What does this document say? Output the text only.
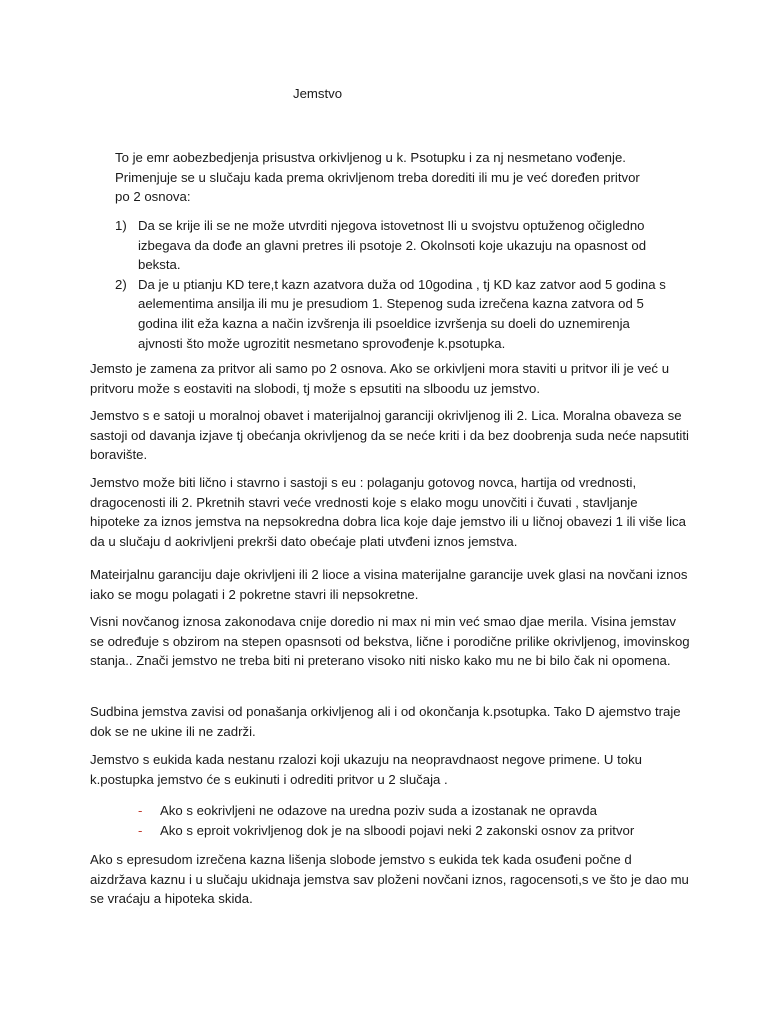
Jemstvo

To je emr aobezbedjenja prisustva orkivljenog u k. Psotupku i za nj nesmetano vođenje. Primenjuje se u slučaju kada prema okrivljenom treba dorediti ili mu je već doređen pritvor po 2 osnova:

1) Da se krije ili se ne može utvrditi njegova istovetnost Ili u svojstvu optuženog očigledno izbegava da dođe an glavni pretres ili psotoje 2. Okolnsoti koje ukazuju na opasnost od beksta.
2) Da je u ptianju KD tere,t kazn azatvora duža od 10godina , tj KD kaz zatvor aod 5 godina s aelementima ansilja ili mu je presudiom 1. Stepenog suda izrečena kazna zatvora od 5 godina ilit eža kazna a način izvšrenja ili psoeldice izvršenja su doeli do uznemirenja ajvnosti što može ugrozitit nesmetano sprovođenje k.psotupka.

Jemsto je zamena za pritvor ali samo po 2 osnova. Ako se orkivljeni mora staviti u pritvor ili je već u pritvoru može s eostaviti na slobodi, tj može s epsutiti na slboodu uz jemstvo.

Jemstvo s e satoji u moralnoj obavet i materijalnoj garanciji okrivljenog ili 2. Lica. Moralna obaveza se sastoji od davanja izjave tj obećanja okrivljenog da se neće kriti i da bez doobrenja suda neće napsutiti boravište.

Jemstvo može biti lično i stavrno i sastoji s eu : polaganju gotovog novca, hartija od vrednosti, dragocenosti ili 2. Pkretnih stavri veće vrednosti koje s elako mogu unovčiti i čuvati , stavljanje hipoteke za iznos jemstva na nepsokredna dobra lica koje daje jemstvo ili u ličnoj obavezi 1 ili više lica da u slučaju d aokrivljeni prekrši dato obećaje plati utvđeni iznos jemstva.

Mateirjalnu garanciju daje okrivljeni ili 2 lioce a visina materijalne garancije uvek glasi na novčani iznos iako se mogu polagati i 2 pokretne stavri ili nepsokretne.

Visni novčanog iznosa zakonodava cnije doredio ni max ni min već smao djae merila. Visina jemstav se određuje s obzirom na stepen opasnsoti od bekstva, lične i porodične prilike okrivljenog, imovinskog stanja.. Znači jemstvo ne treba biti ni preterano visoko niti nisko kako mu ne bi bilo čak ni opomena.

Sudbina jemstva zavisi od ponašanja orkivljenog ali i od okončanja k.psotupka. Tako D ajemstvo traje dok se ne ukine ili ne zadrži.

Jemstvo s eukida kada nestanu rzalozi koji ukazuju na neopravdnaost negove primene. U toku k.postupka jemstvo će s eukinuti i odrediti pritvor u 2 slučaja .

- Ako s eokrivljeni ne odazove na uredna poziv suda a izostanak ne opravda
- Ako s eproit vokrivljenog dok je na slboodi pojavi neki 2 zakonski osnov za pritvor

Ako s epresudom izrečena kazna lišenja slobode jemstvo s eukida tek kada osuđeni počne d aizdržava kaznu i u slučaju ukidnaja jemstva sav ploženi novčani iznos, ragocensoti,s ve što je dao mu se vraćaju a hipoteka skida.
